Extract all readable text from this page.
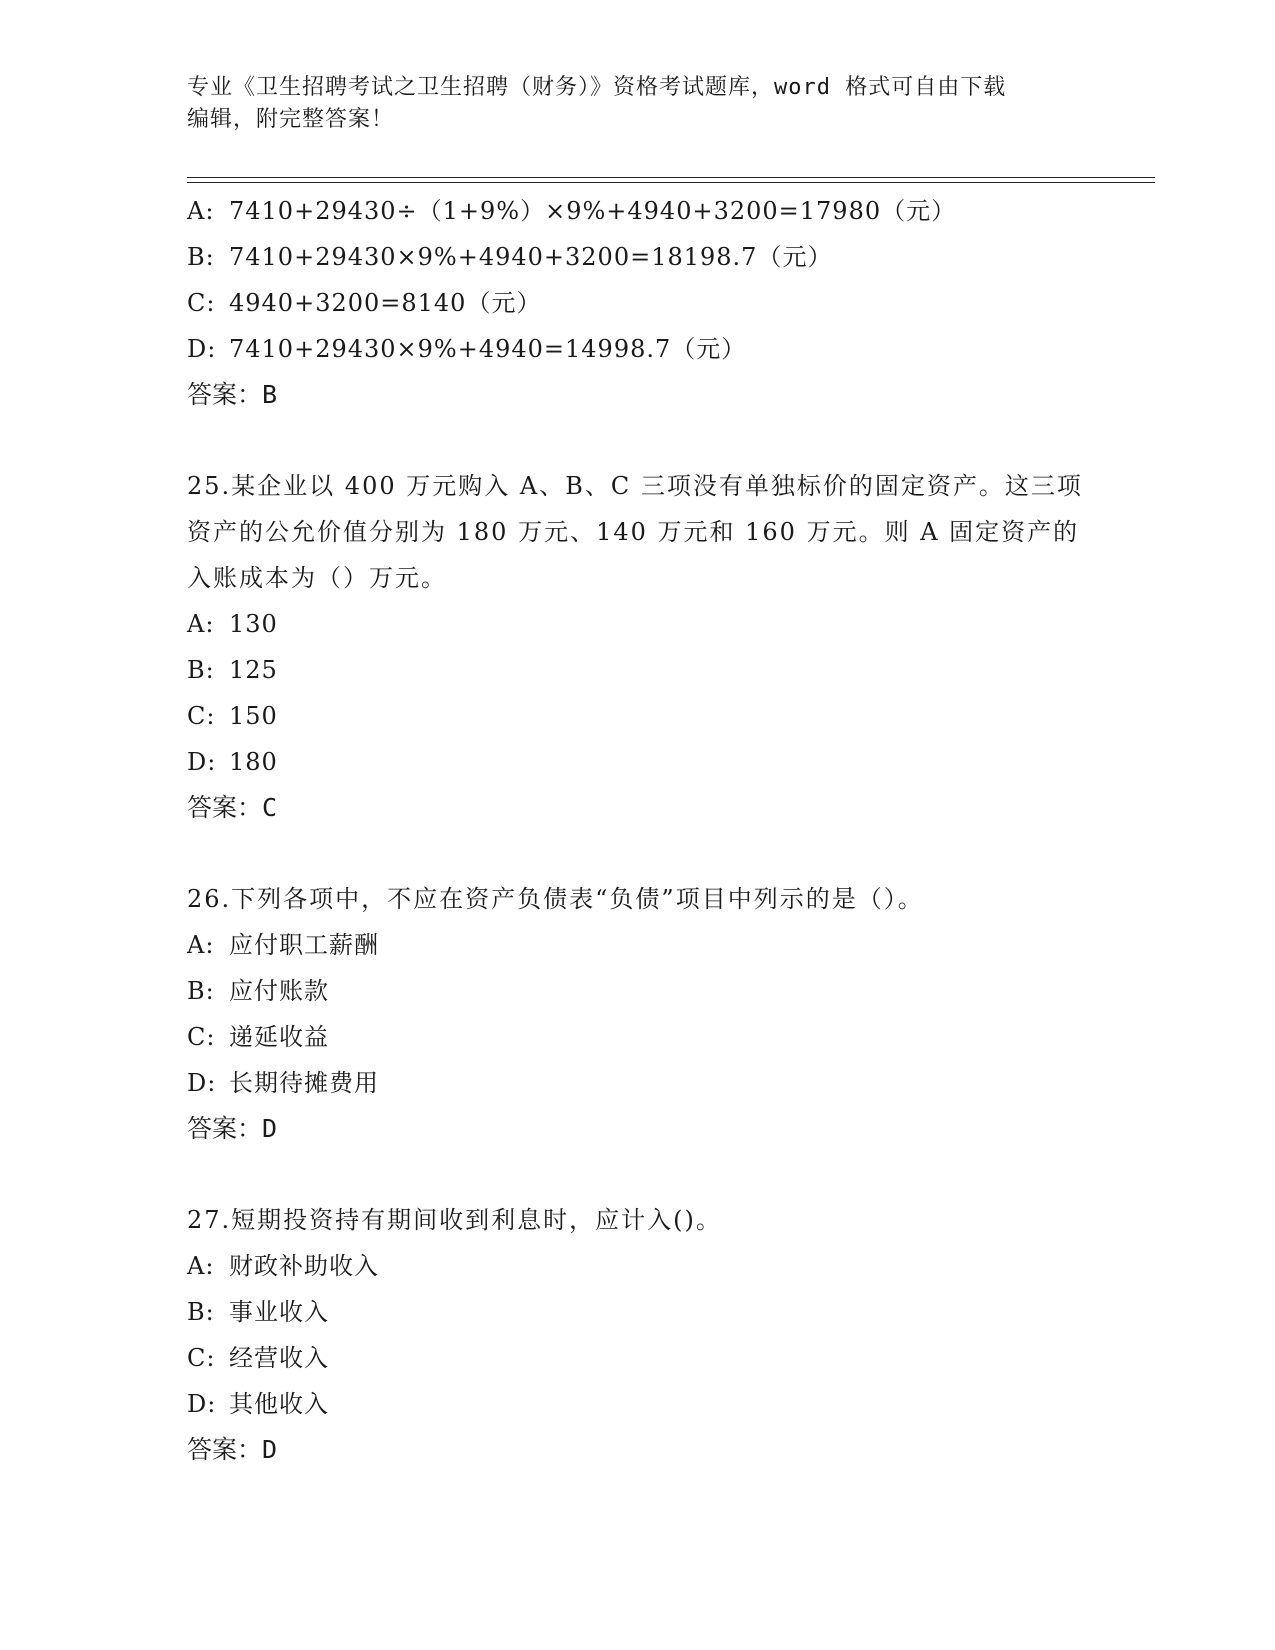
专业《卫生招聘考试之卫生招聘（财务）》资格考试题库，word 格式可自由下载
编辑，附完整答案！
A: 7410+29430÷（1+9%）×9%+4940+3200=17980（元）
B: 7410+29430×9%+4940+3200=18198.7（元）
C: 4940+3200=8140（元）
D: 7410+29430×9%+4940=14998.7（元）
答案：B
25.某企业以 400 万元购入 A、B、C 三项没有单独标价的固定资产。这三项资产的公允价值分别为 180 万元、140 万元和 160 万元。则 A 固定资产的入账成本为（）万元。
A: 130
B: 125
C: 150
D: 180
答案：C
26.下列各项中，不应在资产负债表“负债”项目中列示的是（）。
A: 应付职工薪酬
B: 应付账款
C: 递延收益
D: 长期待摊费用
答案：D
27.短期投资持有期间收到利息时，应计入()。
A: 财政补助收入
B: 事业收入
C: 经营收入
D: 其他收入
答案：D
